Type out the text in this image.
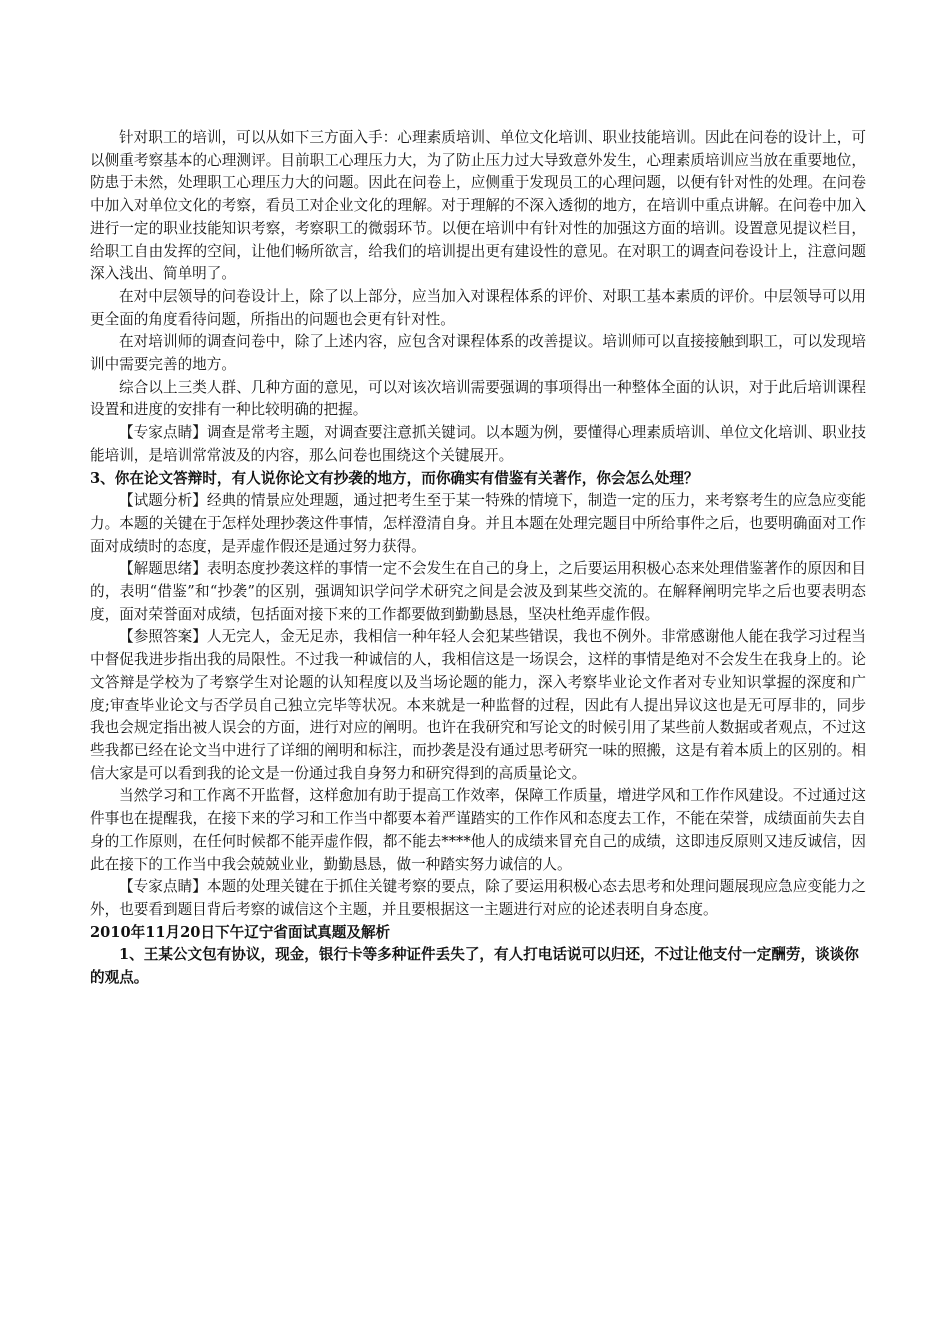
针对职工的培训，可以从如下三方面入手：心理素质培训、单位文化培训、职业技能培训。因此在问卷的设计上，可以侧重考察基本的心理测评。目前职工心理压力大，为了防止压力过大导致意外发生，心理素质培训应当放在重要地位，防患于未然，处理职工心理压力大的问题。因此在问卷上，应侧重于发现员工的心理问题，以便有针对性的处理。在问卷中加入对单位文化的考察，看员工对企业文化的理解。对于理解的不深入透彻的地方，在培训中重点讲解。在问卷中加入进行一定的职业技能知识考察，考察职工的微弱环节。以便在培训中有针对性的加强这方面的培训。设置意见提议栏目，给职工自由发挥的空间，让他们畅所欲言，给我们的培训提出更有建设性的意见。在对职工的调查问卷设计上，注意问题深入浅出、简单明了。

在对中层领导的问卷设计上，除了以上部分，应当加入对课程体系的评价、对职工基本素质的评价。中层领导可以用更全面的角度看待问题，所指出的问题也会更有针对性。

在对培训师的调查问卷中，除了上述内容，应包含对课程体系的改善提议。培训师可以直接接触到职工，可以发现培训中需要完善的地方。

综合以上三类人群、几种方面的意见，可以对该次培训需要强调的事项得出一种整体全面的认识，对于此后培训课程设置和进度的安排有一种比较明确的把握。

【专家点睛】调查是常考主题，对调查要注意抓关键词。以本题为例，要懂得心理素质培训、单位文化培训、职业技能培训，是培训常常波及的内容，那么问卷也围绕这个关键展开。

3、你在论文答辩时，有人说你论文有抄袭的地方，而你确实有借鉴有关著作，你会怎么处理？

【试题分析】经典的情景应处理题，通过把考生至于某一特殊的情境下，制造一定的压力，来考察考生的应急应变能力。本题的关键在于怎样处理抄袭这件事情，怎样澄清自身。并且本题在处理完题目中所给事件之后，也要明确面对工作面对成绩时的态度，是弄虚作假还是通过努力获得。

【解题思绪】表明态度抄袭这样的事情一定不会发生在自己的身上，之后要运用积极心态来处理借鉴著作的原因和目的，表明“借鉴”和“抄袭”的区别，强调知识学问学术研究之间是会波及到某些交流的。在解释阐明完毕之后也要表明态度，面对荣誉面对成绩，包括面对接下来的工作都要做到勤勤恳恳，坚决杜绝弄虚作假。

【参照答案】人无完人，金无足赤，我相信一种年轻人会犯某些错误，我也不例外。非常感谢他人能在我学习过程当中督促我进步指出我的局限性。不过我一种诚信的人，我相信这是一场误会，这样的事情是绝对不会发生在我身上的。论文答辩是学校为了考察学生对论题的认知程度以及当场论题的能力，深入考察毕业论文作者对专业知识掌握的深度和广度;审查毕业论文与否学员自己独立完毕等状况。本来就是一种监督的过程，因此有人提出异议这也是无可厚非的，同步我也会规定指出被人误会的方面，进行对应的阐明。也许在我研究和写论文的时候引用了某些前人数据或者观点，不过这些我都已经在论文当中进行了详细的阐明和标注，而抄袭是没有通过思考研究一味的照搬，这是有着本质上的区别的。相信大家是可以看到我的论文是一份通过我自身努力和研究得到的高质量论文。

当然学习和工作离不开监督，这样愈加有助于提高工作效率，保障工作质量，增进学风和工作作风建设。不过通过这件事也在提醒我，在接下来的学习和工作当中都要本着严谨踏实的工作作风和态度去工作，不能在荣誉，成绩面前失去自身的工作原则，在任何时候都不能弄虚作假，都不能去****他人的成绩来冒充自己的成绩，这即违反原则又违反诚信，因此在接下的工作当中我会兢兢业业，勤勤恳恳，做一种踏实努力诚信的人。

【专家点睛】本题的处理关键在于抓住关键考察的要点，除了要运用积极心态去思考和处理问题展现应急应变能力之外，也要看到题目背后考察的诚信这个主题，并且要根据这一主题进行对应的论述表明自身态度。

2010年11月20日下午辽宁省面试真题及解析

1、王某公文包有协议，现金，银行卡等多种证件丢失了，有人打电话说可以归还，不过让他支付一定酬劳，谈谈你的观点。
